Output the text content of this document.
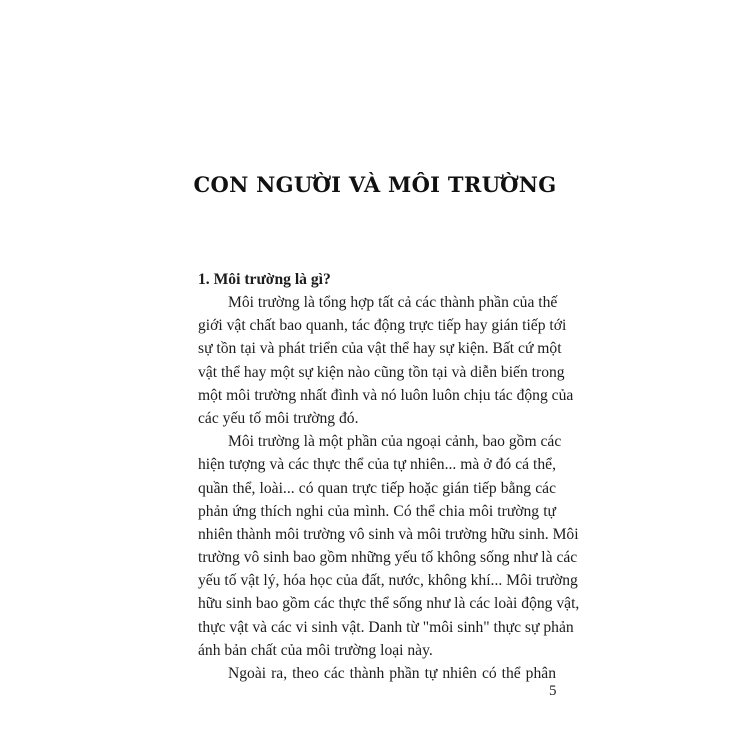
CON NGƯỜI VÀ MÔI TRƯỜNG
1. Môi trường là gì?
Môi trường là tổng hợp tất cả các thành phần của thế
giới vật chất bao quanh, tác động trực tiếp hay gián tiếp tới
sự tồn tại và phát triển của vật thể hay sự kiện. Bất cứ một
vật thể hay một sự kiện nào cũng tồn tại và diễn biến trong
một môi trường nhất đình và nó luôn luôn chịu tác động của
các yếu tố môi trường đó.
Môi trường là một phần của ngoại cảnh, bao gồm các
hiện tượng và các thực thể của tự nhiên... mà ở đó cá thể,
quần thể, loài... có quan trực tiếp hoặc gián tiếp bằng các
phản ứng thích nghi của mình. Có thể chia môi trường tự
nhiên thành môi trường vô sinh và môi trường hữu sinh. Môi
trường vô sinh bao gồm những yếu tố không sống như là các
yếu tố vật lý, hóa học của đất, nước, không khí... Môi trường
hữu sinh bao gồm các thực thể sống như là các loài động vật,
thực vật và các vi sinh vật. Danh từ "môi sinh" thực sự phản
ánh bản chất của môi trường loại này.
Ngoài ra, theo các thành phần tự nhiên có thể phân
5
